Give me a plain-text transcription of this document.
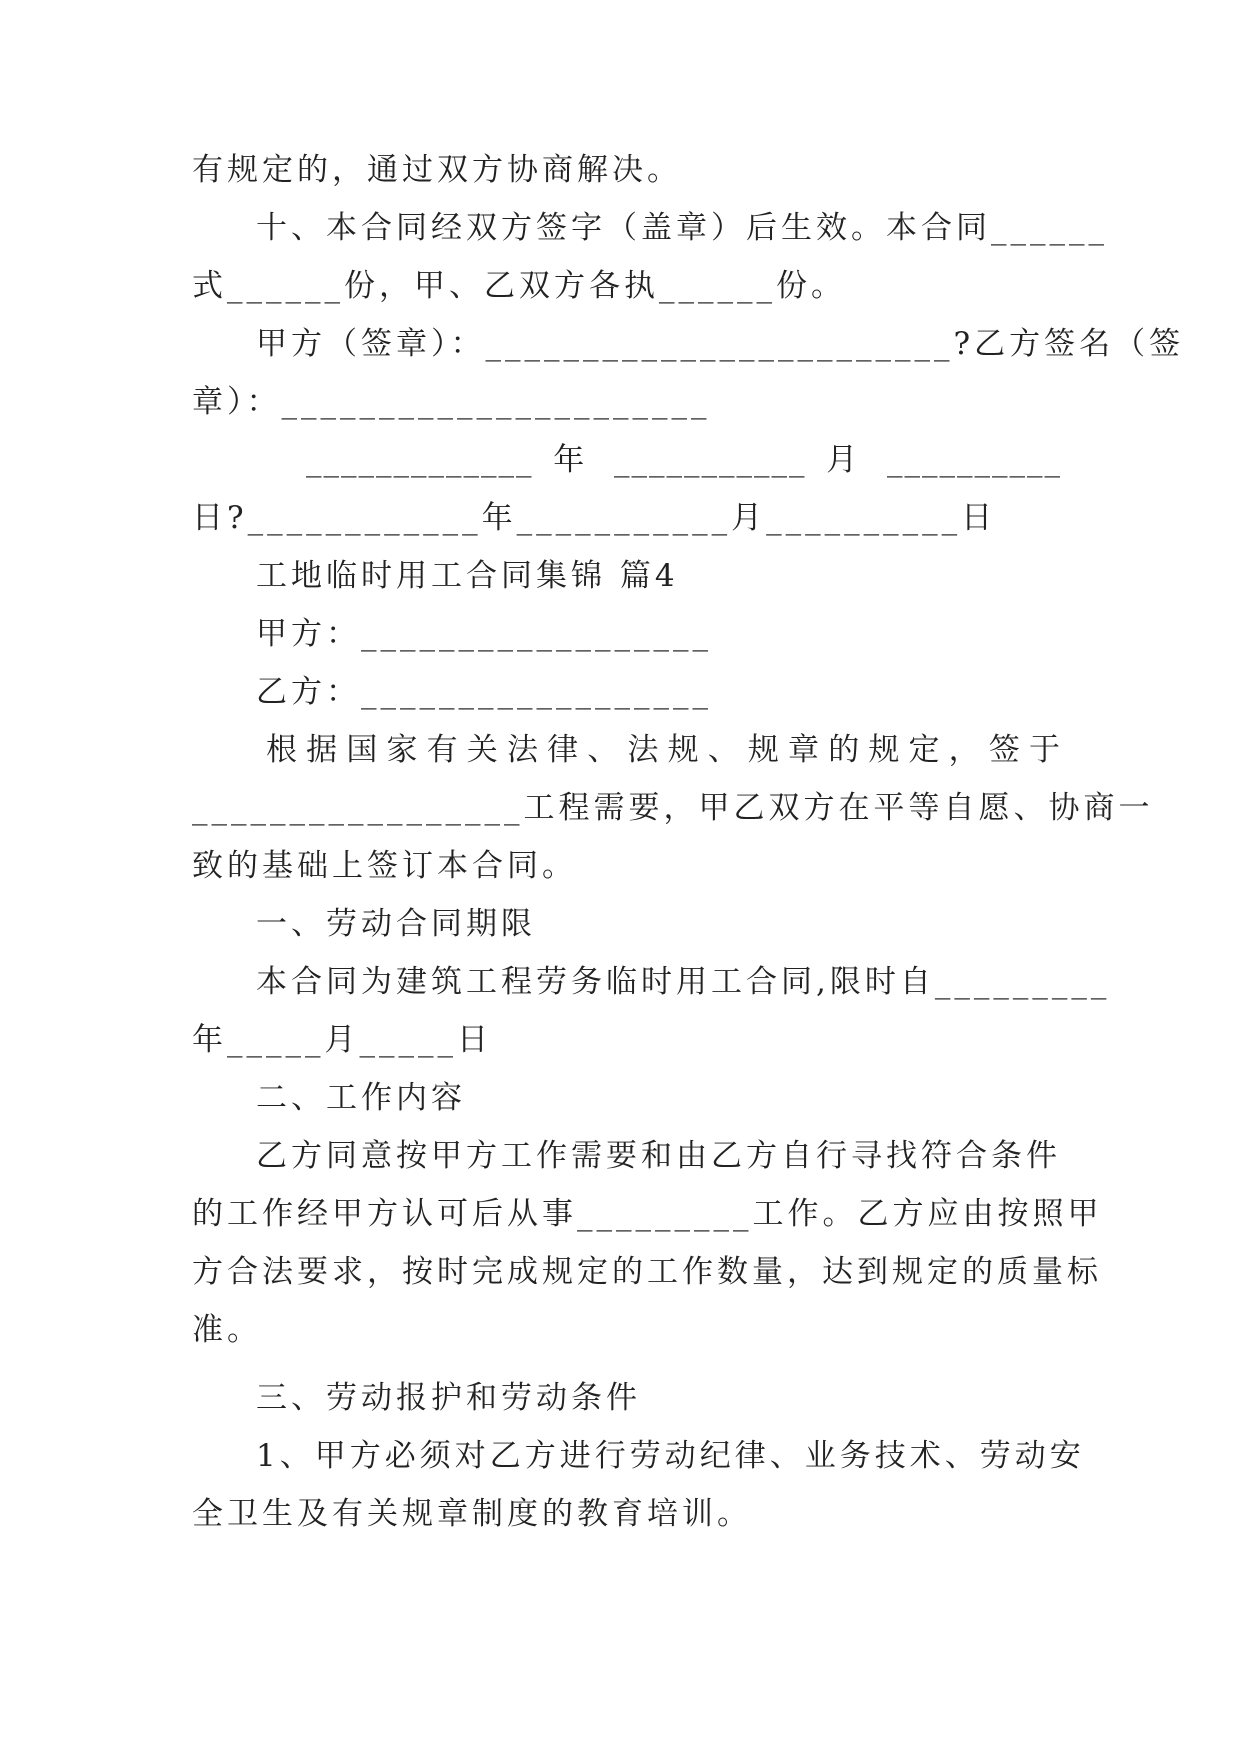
有规定的，通过双方协商解决。
十、本合同经双方签字（盖章）后生效。本合同______
式______份，甲、乙双方各执______份。
甲方（签章）：________________________?乙方签名（签
章）：______________________
_____________ 年 ___________ 月 __________
日?____________年___________月__________日
工地临时用工合同集锦 篇4
甲方：__________________
乙方：__________________
根据国家有关法律、法规、规章的规定，签于
_________________工程需要，甲乙双方在平等自愿、协商一
致的基础上签订本合同。
一、劳动合同期限
本合同为建筑工程劳务临时用工合同,限时自_________
年_____月_____日
二、工作内容
乙方同意按甲方工作需要和由乙方自行寻找符合条件
的工作经甲方认可后从事_________工作。乙方应由按照甲
方合法要求，按时完成规定的工作数量，达到规定的质量标
准。
三、劳动报护和劳动条件
1、甲方必须对乙方进行劳动纪律、业务技术、劳动安
全卫生及有关规章制度的教育培训。
